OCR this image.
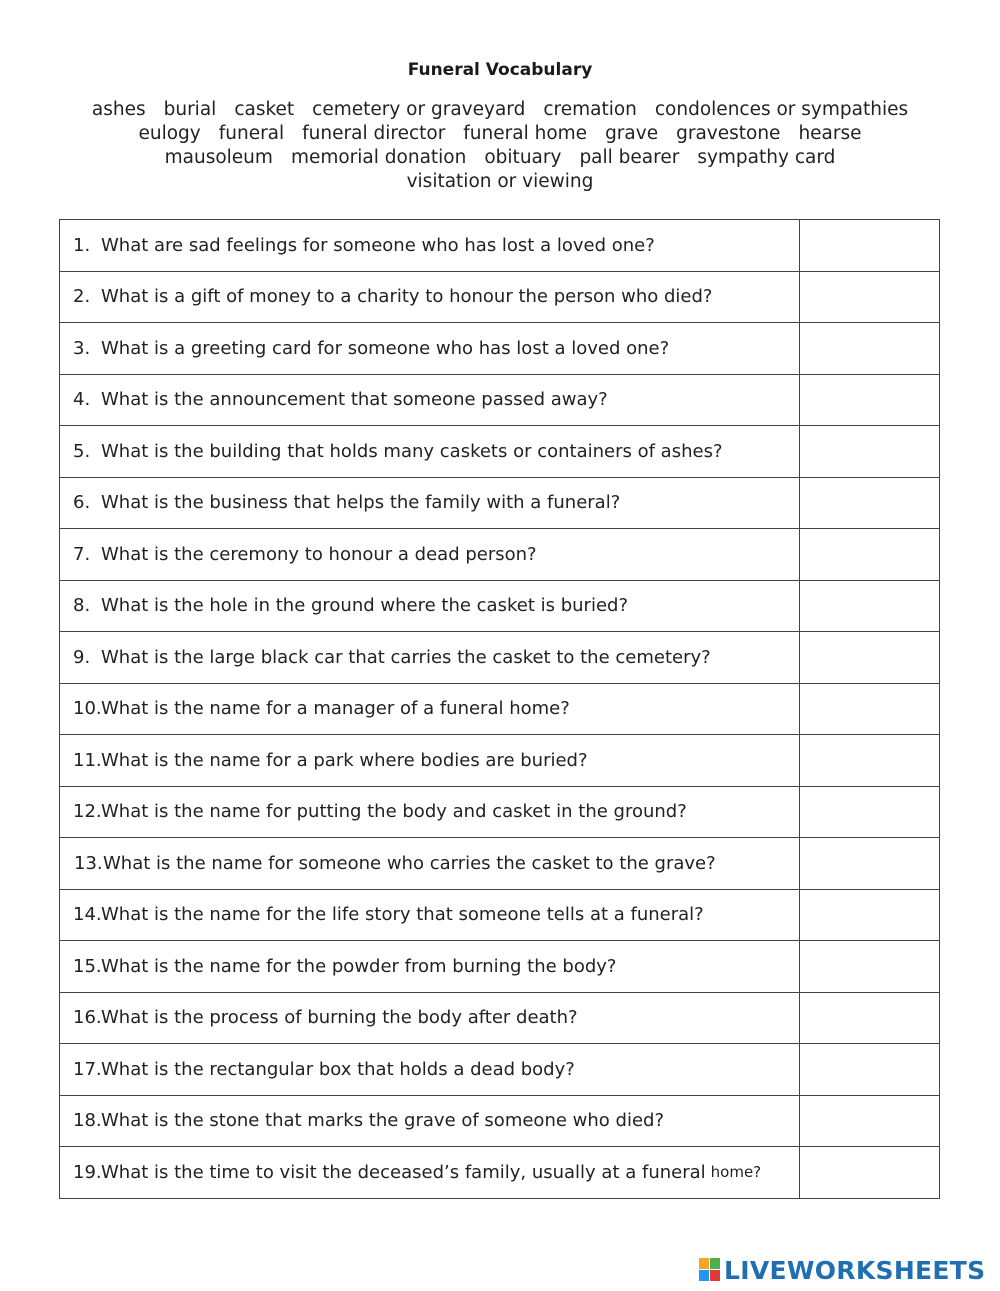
Funeral Vocabulary
ashes burial casket cemetery or graveyard cremation condolences or sympathies
eulogy funeral funeral director funeral home grave gravestone hearse
mausoleum memorial donation obituary pall bearer sympathy card
visitation or viewing
1. What are sad feelings for someone who has lost a loved one?

2. What is a gift of money to a charity to honour the person who died?

3. What is a greeting card for someone who has lost a loved one?

4. What is the announcement that someone passed away?

5. What is the building that holds many caskets or containers of ashes?

6. What is the business that helps the family with a funeral?

7. What is the ceremony to honour a dead person?

8. What is the hole in the ground where the casket is buried?

9. What is the large black car that carries the casket to the cemetery?

10. What is the name for a manager of a funeral home?

11. What is the name for a park where bodies are buried?

12. What is the name for putting the body and casket in the ground?

13. What is the name for someone who carries the casket to the grave?

14. What is the name for the life story that someone tells at a funeral?

15. What is the name for the powder from burning the body?

16. What is the process of burning the body after death?

17. What is the rectangular box that holds a dead body?

18. What is the stone that marks the grave of someone who died?

19. What is the time to visit the deceased’s family, usually at a funeral home?

LIVEWORKSHEETS
